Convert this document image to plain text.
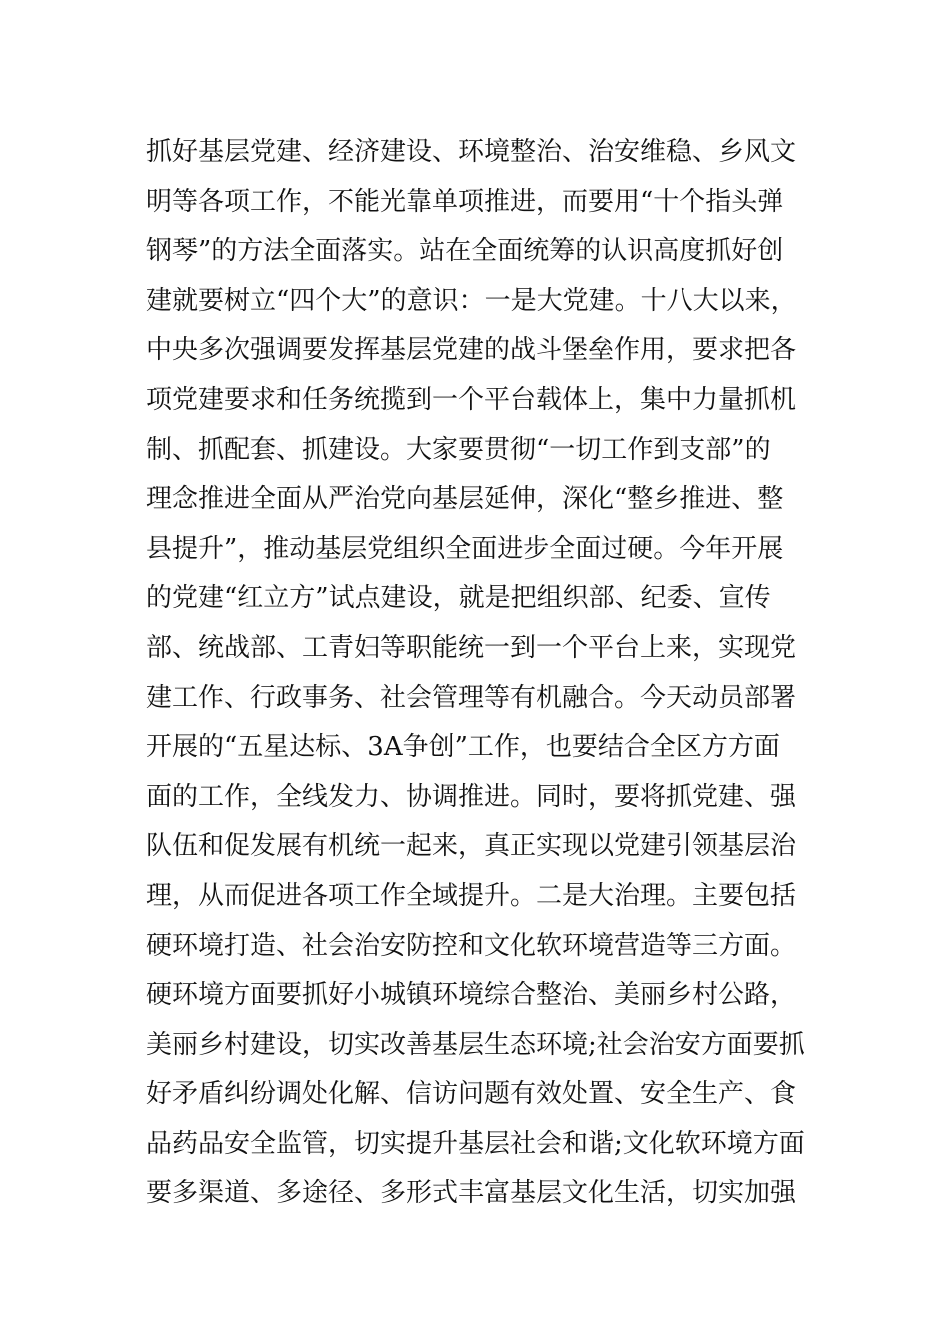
抓好基层党建、经济建设、环境整治、治安维稳、乡风文
明等各项工作，不能光靠单项推进，而要用“十个指头弹
钢琴”的方法全面落实。站在全面统筹的认识高度抓好创
建就要树立“四个大”的意识：一是大党建。十八大以来，
中央多次强调要发挥基层党建的战斗堡垒作用，要求把各
项党建要求和任务统揽到一个平台载体上，集中力量抓机
制、抓配套、抓建设。大家要贯彻“一切工作到支部”的
理念推进全面从严治党向基层延伸，深化“整乡推进、整
县提升”，推动基层党组织全面进步全面过硬。今年开展
的党建“红立方”试点建设，就是把组织部、纪委、宣传
部、统战部、工青妇等职能统一到一个平台上来，实现党
建工作、行政事务、社会管理等有机融合。今天动员部署
开展的“五星达标、3A争创”工作，也要结合全区方方面
面的工作，全线发力、协调推进。同时，要将抓党建、强
队伍和促发展有机统一起来，真正实现以党建引领基层治
理，从而促进各项工作全域提升。二是大治理。主要包括
硬环境打造、社会治安防控和文化软环境营造等三方面。
硬环境方面要抓好小城镇环境综合整治、美丽乡村公路，
美丽乡村建设，切实改善基层生态环境;社会治安方面要抓
好矛盾纠纷调处化解、信访问题有效处置、安全生产、食
品药品安全监管，切实提升基层社会和谐;文化软环境方面
要多渠道、多途径、多形式丰富基层文化生活，切实加强
